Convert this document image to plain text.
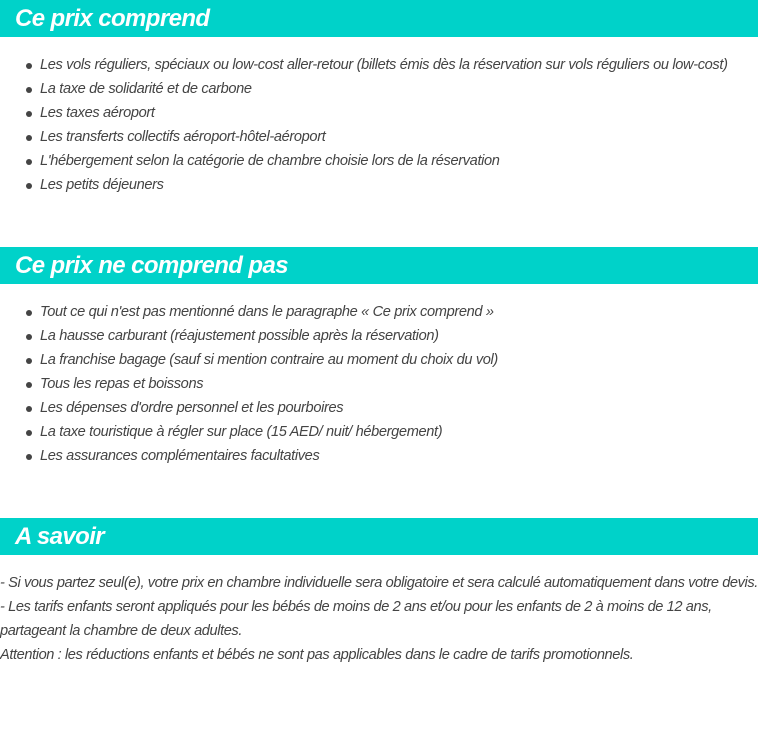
Ce prix comprend
Les vols réguliers, spéciaux ou low-cost aller-retour (billets émis dès la réservation sur vols réguliers ou low-cost)
La taxe de solidarité et de carbone
Les taxes aéroport
Les transferts collectifs aéroport-hôtel-aéroport
L'hébergement selon la catégorie de chambre choisie lors de la réservation
Les petits déjeuners
Ce prix ne comprend pas
Tout ce qui n'est pas mentionné dans le paragraphe « Ce prix comprend »
La hausse carburant (réajustement possible après la réservation)
La franchise bagage (sauf si mention contraire au moment du choix du vol)
Tous les repas et boissons
Les dépenses d'ordre personnel et les pourboires
La taxe touristique à régler sur place (15 AED/ nuit/ hébergement)
Les assurances complémentaires facultatives
A savoir

- Si vous partez seul(e), votre prix en chambre individuelle sera obligatoire et sera calculé automatiquement dans votre devis.

- Les tarifs enfants seront appliqués pour les bébés de moins de 2 ans et/ou pour les enfants de 2 à moins de 12 ans, partageant la chambre de deux adultes.

Attention : les réductions enfants et bébés ne sont pas applicables dans le cadre de tarifs promotionnels.
